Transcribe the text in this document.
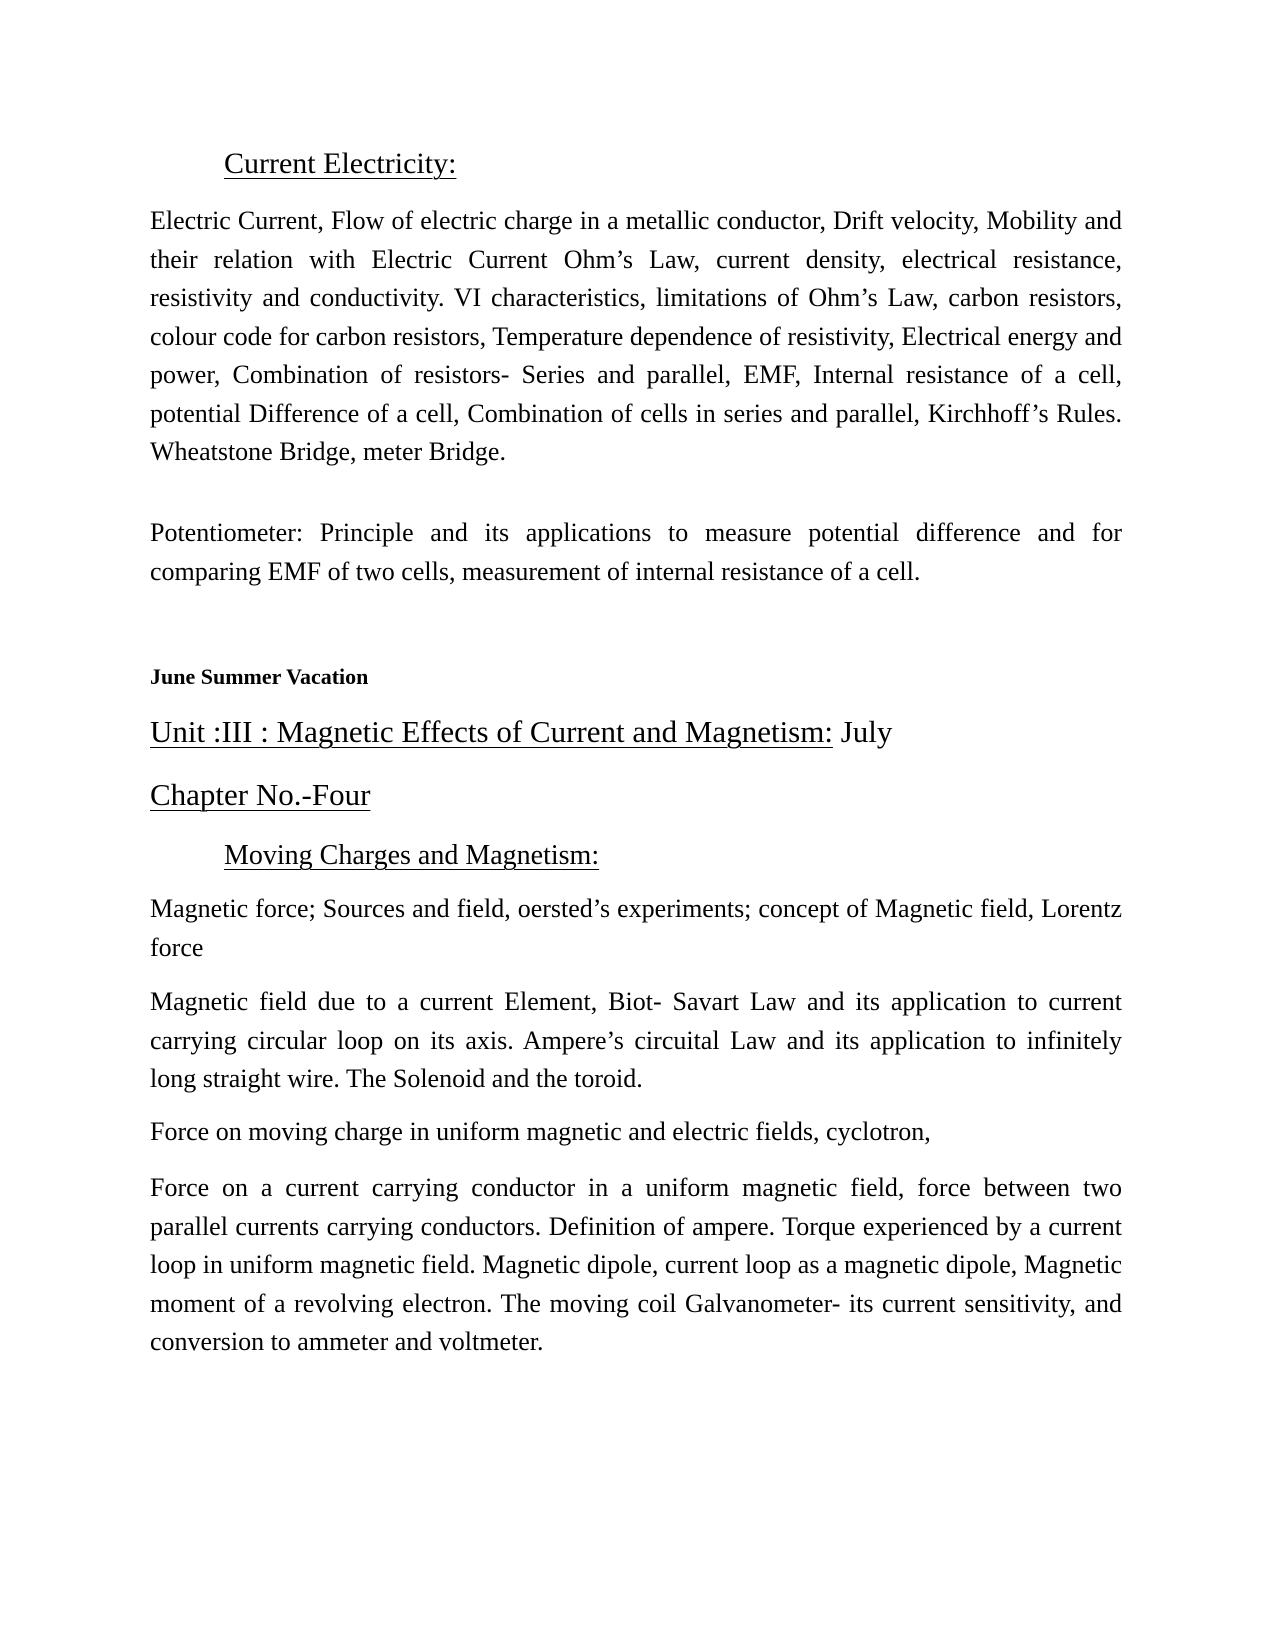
Current Electricity:

Electric Current, Flow of electric charge in a metallic conductor, Drift velocity, Mobility and their relation with Electric Current Ohm’s Law, current density, electrical resistance, resistivity and conductivity. VI characteristics, limitations of Ohm’s Law, carbon resistors, colour code for carbon resistors, Temperature dependence of resistivity, Electrical energy and power, Combination of resistors- Series and parallel, EMF, Internal resistance of a cell, potential Difference of a cell, Combination of cells in series and parallel, Kirchhoff’s Rules. Wheatstone Bridge, meter Bridge.

Potentiometer: Principle and its applications to measure potential difference and for comparing EMF of two cells, measurement of internal resistance of a cell.

June Summer Vacation

Unit :III : Magnetic Effects of Current and Magnetism: July
Chapter No.-Four
Moving Charges and Magnetism:

Magnetic force; Sources and field, oersted’s experiments; concept of Magnetic field, Lorentz force

Magnetic field due to a current Element, Biot- Savart Law and its application to current carrying circular loop on its axis. Ampere’s circuital Law and its application to infinitely long straight wire. The Solenoid and the toroid.

Force on moving charge in uniform magnetic and electric fields, cyclotron,

Force on a current carrying conductor in a uniform magnetic field, force between two parallel currents carrying conductors. Definition of ampere. Torque experienced by a current loop in uniform magnetic field. Magnetic dipole, current loop as a magnetic dipole, Magnetic moment of a revolving electron. The moving coil Galvanometer- its current sensitivity, and conversion to ammeter and voltmeter.
